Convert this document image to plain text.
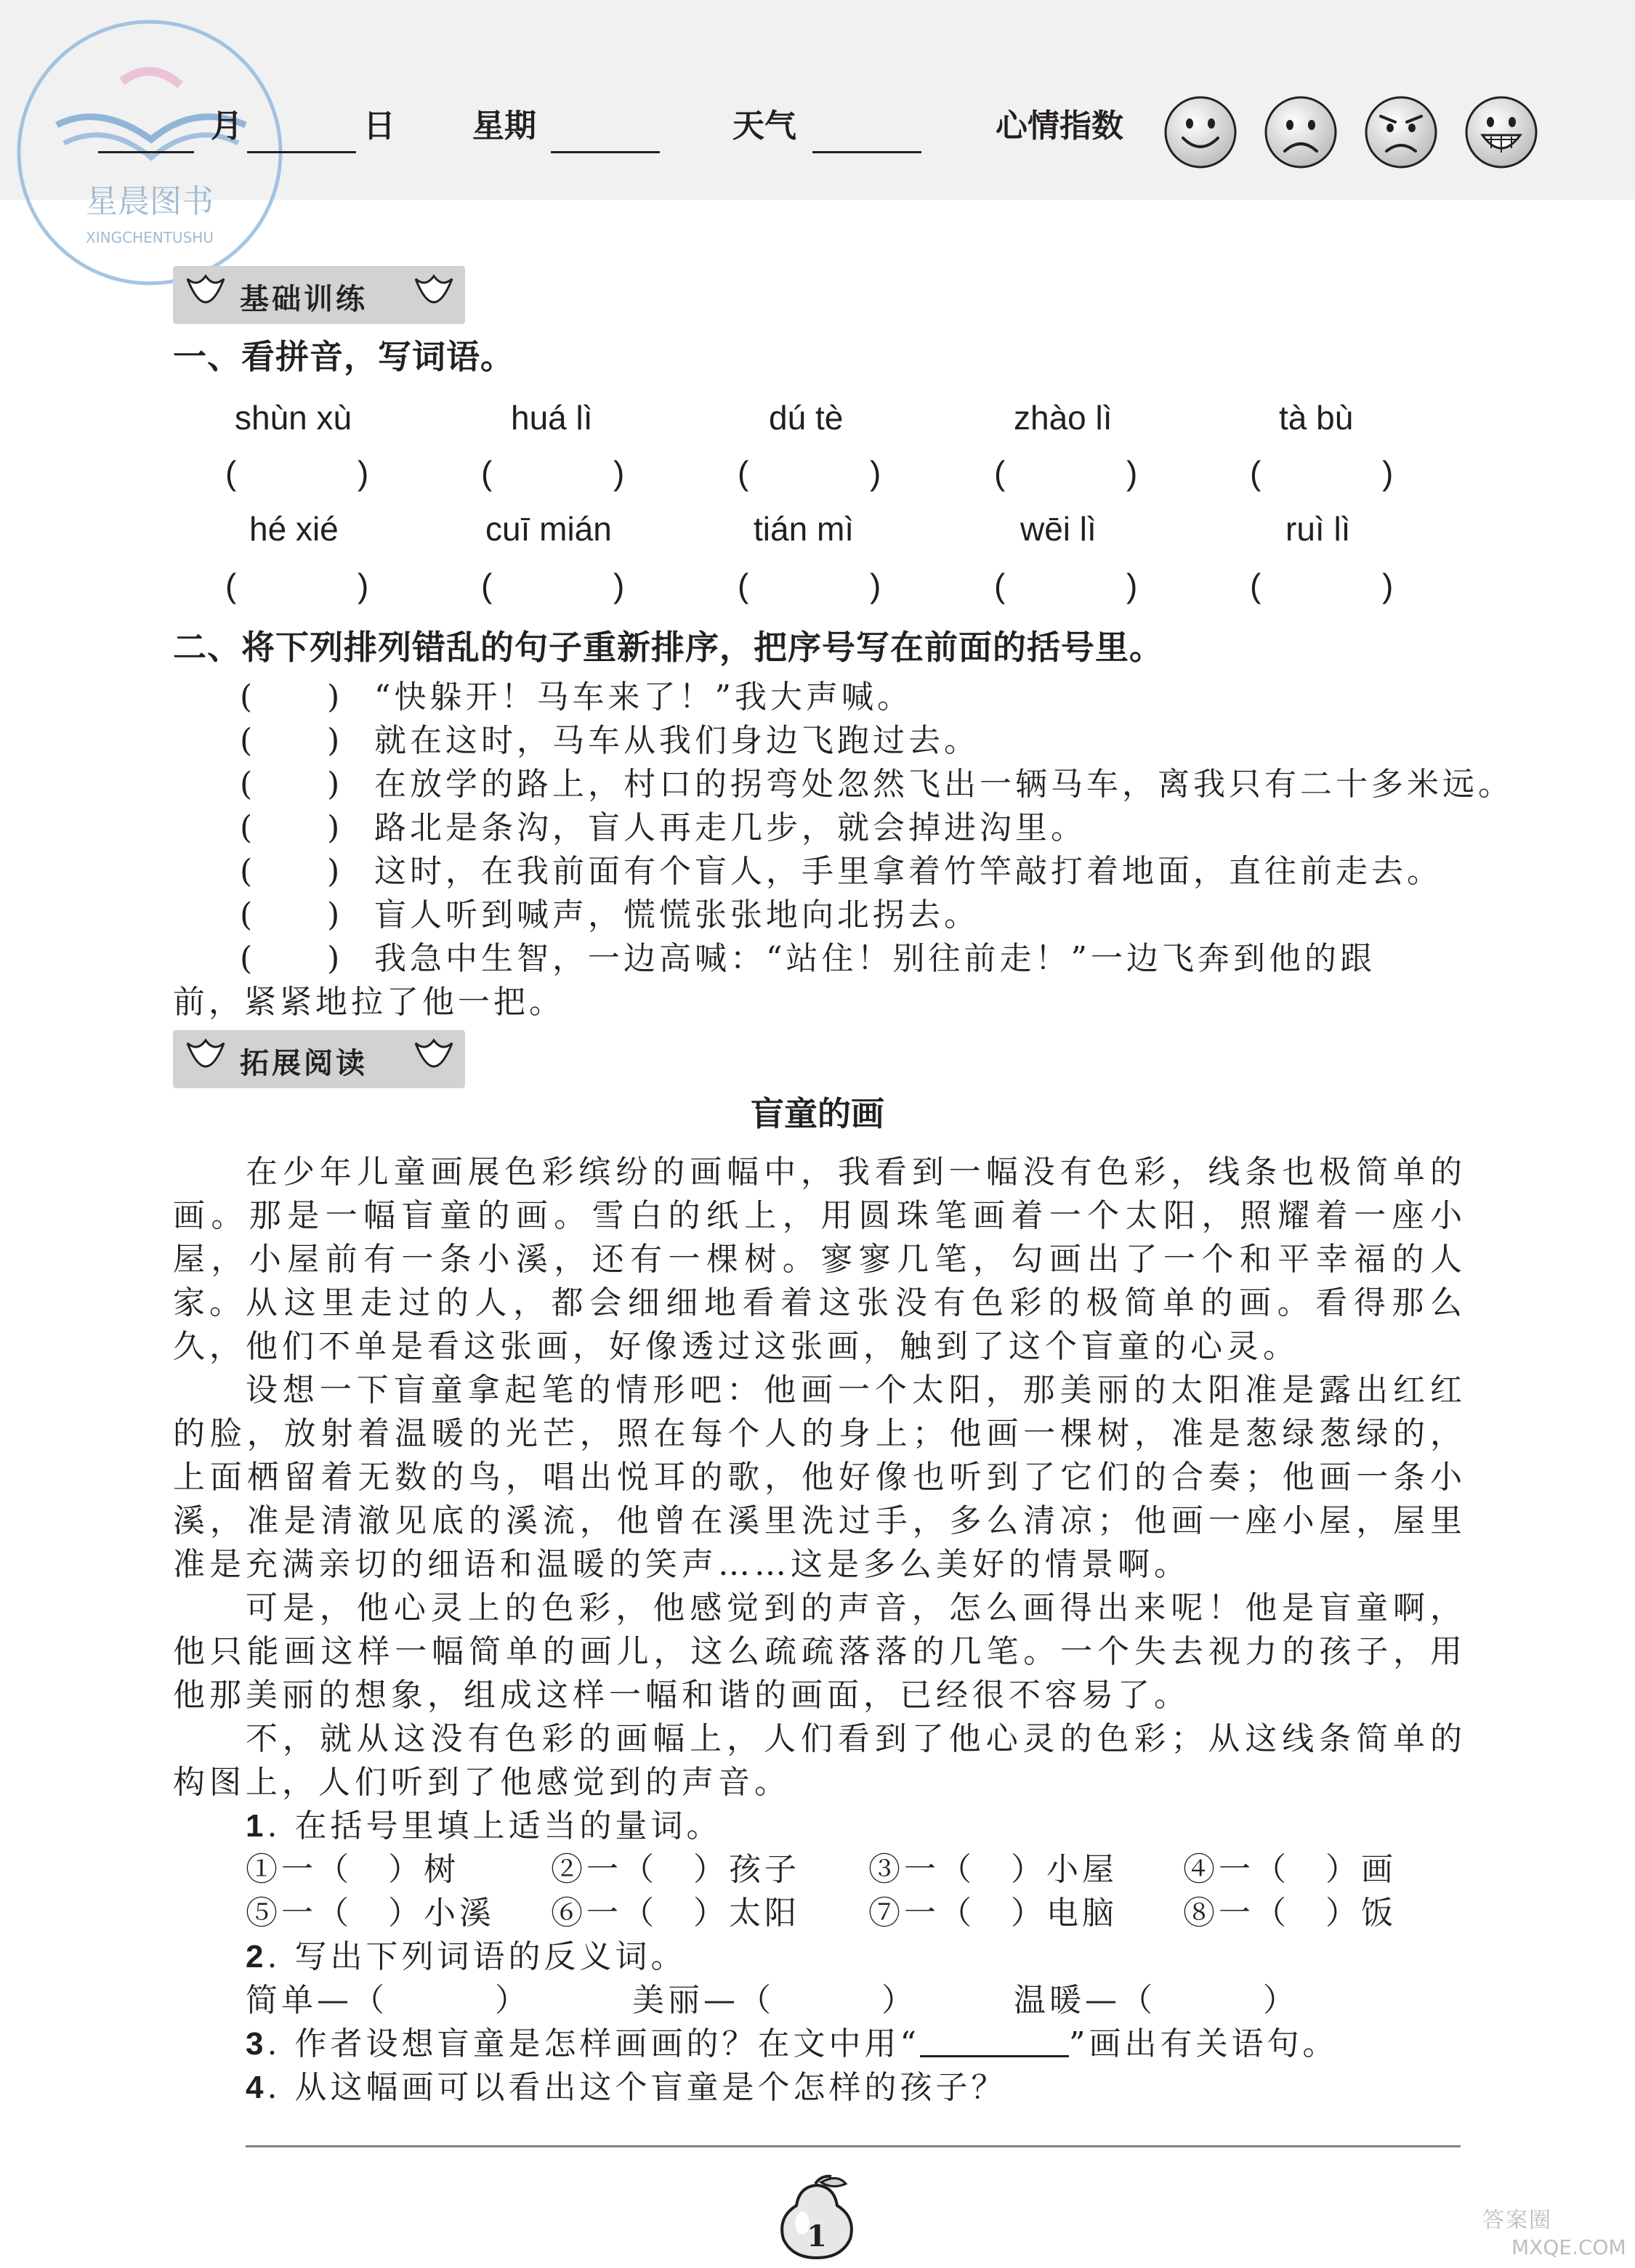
星晨图书
XINGCHENTUSHU
月	日 星期	天气	心情指数
基础训练
一、看拼音，写词语。
shùn xù	huá lì	dú tè	zhào lì	tà bù
(	)	(	)	(	)	(	)	(	)
hé xié	cuī mián	tián mì	wēi lì	ruì lì
(	)	(	)	(	)	(	)	(	)
二、将下列排列错乱的句子重新排序，把序号写在前面的括号里。
(　　) “快躲开！马车来了！”我大声喊。
(　　) 就在这时，马车从我们身边飞跑过去。
(　　) 在放学的路上，村口的拐弯处忽然飞出一辆马车，离我只有二十多米远。
(　　) 路北是条沟，盲人再走几步，就会掉进沟里。
(　　) 这时，在我前面有个盲人，手里拿着竹竿敲打着地面，直往前走去。
(　　) 盲人听到喊声，慌慌张张地向北拐去。
(　　) 我急中生智，一边高喊：“站住！别往前走！”一边飞奔到他的跟
前，紧紧地拉了他一把。
拓展阅读
盲童的画
在少年儿童画展色彩缤纷的画幅中，我看到一幅没有色彩，线条也极简单的画。那是一幅盲童的画。雪白的纸上，用圆珠笔画着一个太阳，照耀着一座小屋，小屋前有一条小溪，还有一棵树。寥寥几笔，勾画出了一个和平幸福的人家。 从这里走过的人，都会细细地看着这张没有色彩的极简单的画。看得那么久，他们不单是看这张画，好像透过这张画，触到了这个盲童的心灵。
设想一下盲童拿起笔的情形吧：他画一个太阳，那美丽的太阳准是露出红红的脸，放射着温暖的光芒，照在每个人的身上；他画一棵树，准是葱绿葱绿的，上面栖留着无数的鸟，唱出悦耳的歌，他好像也听到了它们的合奏；他画一条小溪，准是清澈见底的溪流，他曾在溪里洗过手，多么清凉；他画一座小屋，屋里准是充满亲切的细语和温暖的笑声……这是多么美好的情景啊。
可是，他心灵上的色彩，他感觉到的声音，怎么画得出来呢！他是盲童啊，他只能画这样一幅简单的画儿，这么疏疏落落的几笔。一个失去视力的孩子，用他那美丽的想象，组成这样一幅和谐的画面，已经很不容易了。
不，就从这没有色彩的画幅上，人们看到了他心灵的色彩；从这线条简单的构图上，人们听到了他感觉到的声音。
1. 在括号里填上适当的量词。
①一（　）树	②一（　）孩子 ③一（　）小屋 ④一（　）画
⑤一（　）小溪 ⑥一（　）太阳 ⑦一（　）电脑 ⑧一（　）饭
2. 写出下列词语的反义词。
简单—（　　　）	美丽—（　　　）	温暖—（　　　）
3. 作者设想盲童是怎样画画的？在文中用“	”画出有关语句。
4. 从这幅画可以看出这个盲童是个怎样的孩子？
1	答案圈
MXQE.COM
